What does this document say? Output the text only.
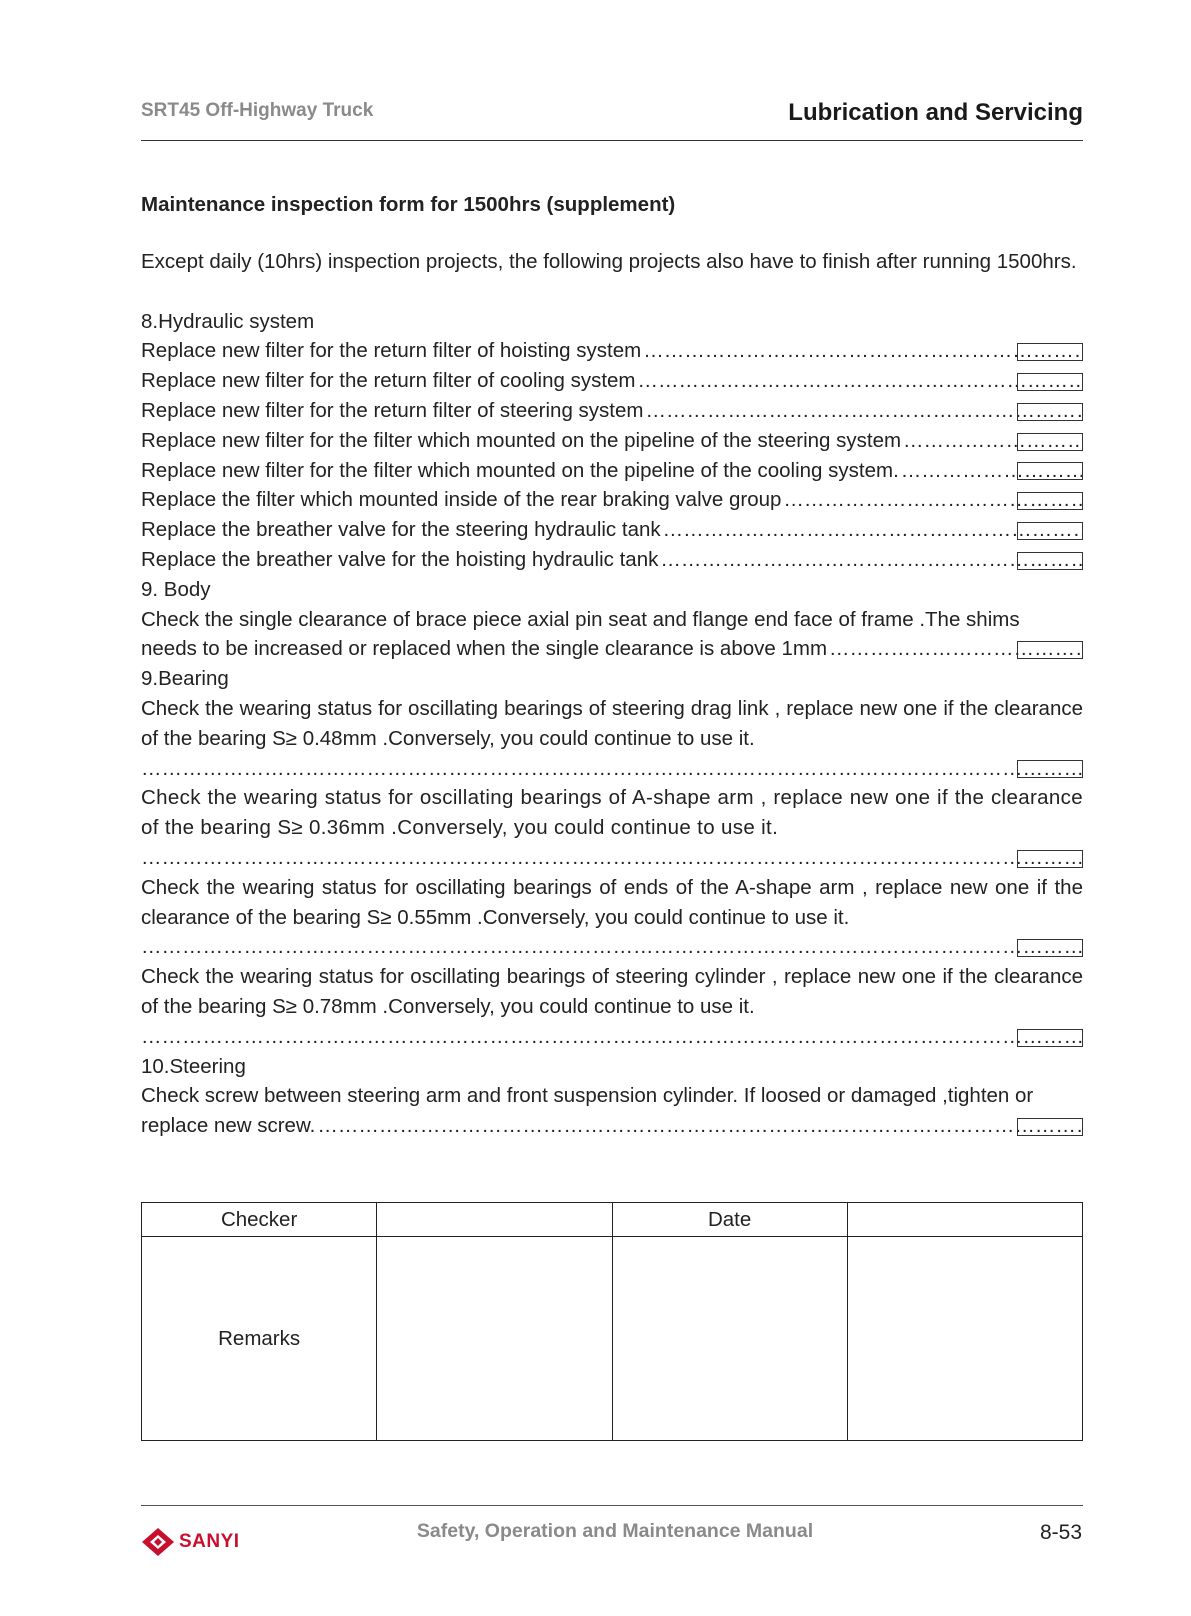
SRT45 Off-Highway Truck	Lubrication and Servicing

Maintenance inspection form for 1500hrs (supplement)

Except daily (10hrs) inspection projects, the following projects also have to finish after running 1500hrs.

8.Hydraulic system
Replace new filter for the return filter of hoisting system ……………………………………………………………………………………………………………………………………………………………………………………
Replace new filter for the return filter of cooling system ……………………………………………………………………………………………………………………………………………………………………………………
Replace new filter for the return filter of steering system ……………………………………………………………………………………………………………………………………………………………………………………
Replace new filter for the filter which mounted on the pipeline of the steering system ……………………………………………………………………………………………………………………………………………………………………………………
Replace new filter for the filter which mounted on the pipeline of the cooling system. ……………………………………………………………………………………………………………………………………………………………………………………
Replace the filter which mounted inside of the rear braking valve group ……………………………………………………………………………………………………………………………………………………………………………………
Replace the breather valve for the steering hydraulic tank ……………………………………………………………………………………………………………………………………………………………………………………
Replace the breather valve for the hoisting hydraulic tank ……………………………………………………………………………………………………………………………………………………………………………………
9. Body
Check the single clearance of brace piece axial pin seat and flange end face of frame .The shims
needs to be increased or replaced when the single clearance is above 1mm ………………………………………………………………………………………………………………………………………………………………………………………
9.Bearing
Check the wearing status for oscillating bearings of steering drag link , replace new one if the clearance of the bearing S≥ 0.48mm .Conversely, you could continue to use it.
………………………………………………………………………………………………………………………………………………………………………………………
Check the wearing status for oscillating bearings of A-shape arm , replace new one if the clearance of the bearing S≥ 0.36mm .Conversely, you could continue to use it.
………………………………………………………………………………………………………………………………………………………………………………………
Check the wearing status for oscillating bearings of ends of the A-shape arm , replace new one if the clearance of the bearing S≥ 0.55mm .Conversely, you could continue to use it.
………………………………………………………………………………………………………………………………………………………………………………………
Check the wearing status for oscillating bearings of steering cylinder , replace new one if the clearance of the bearing S≥ 0.78mm .Conversely, you could continue to use it.
………………………………………………………………………………………………………………………………………………………………………………………
10.Steering
Check screw between steering arm and front suspension cylinder. If loosed or damaged ,tighten or
replace new screw. ………………………………………………………………………………………………………………………………………………………………………………………
Checker		Date	
Remarks			
SANYI	Safety, Operation and Maintenance Manual	8-53
